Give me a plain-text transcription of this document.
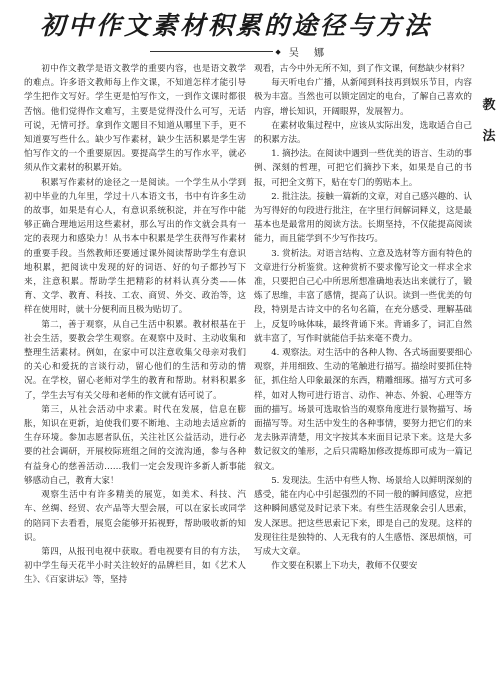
初中作文素材积累的途径与方法
◆ 吴 娜
教
法

初中作文教学是语文教学的重要内容，也是语文教学的难点。许多语文教师每上作文课，不知道怎样才能引导学生把作文写好。学生更是怕写作文，一到作文课时都很苦恼。他们觉得作文难写，主要是觉得没什么可写，无话可说，无情可抒。拿到作文题目不知道从哪里下手，更不知道要写些什么。缺少写作素材，缺少生活积累是学生害怕写作文的一个重要原因。要提高学生的写作水平，就必须从作文素材的积累开始。

积累写作素材的途径之一是阅读。一个学生从小学到初中毕业的九年里，学过十八本语文书，书中有许多生动的故事，如果是有心人，有意识系统积淀，并在写作中能够正确合理地运用这些素材，那么写出的作文就会具有一定的表现力和感染力！从书本中积累是学生获得写作素材的重要手段。当然教师还要通过课外阅读帮助学生有意识地积累，把阅读中发现的好的词语、好的句子都抄写下来，注意积累。帮助学生把精彩的材料认真分类——体育、文学、教育、科技、工农、商贸、外交、政治等，这样在使用时，就十分便利而且极为贴切了。

第二，善于观察，从自己生活中积累。教材根基在于社会生活，要教会学生观察。在观察中及时、主动收集和整理生活素材。例如，在家中可以注意收集父母亲对我们的关心和爱抚的言谈行动，留心他们的生活和劳动的情况。在学校，留心老师对学生的教育和帮助。材料积累多了，学生去写有关父母和老师的作文就有话可说了。

第三，从社会活动中求素。时代在发展，信息在膨胀，知识在更新，迫使我们要不断地、主动地去适应新的生存环境。参加志愿者队伍，关注社区公益活动，进行必要的社会调研，开展校际班组之间的交流沟通，参与各种有益身心的慈善活动……我们一定会发现许多新人新事能够感动自己，教育大家！

观察生活中有许多精美的展览，如美术、科技、汽车、丝绸、经贸、农产品等大型会展，可以在家长或同学的陪同下去看看，展览会能够开拓视野，帮助吸收新的知识。

第四，从报刊电视中获取。看电视要有目的有方法，初中学生每天花半小时关注较好的品牌栏目，如《艺术人生》、《百家讲坛》等，坚持

观看，古今中外无所不知，到了作文课，何愁缺少材料？

每天听电台广播，从新闻到科技再到娱乐节目，内容极为丰富。当然也可以锁定固定的电台，了解自己喜欢的内容，增长知识，开阔眼界，发展智力。

在素材收集过程中，应该从实际出发，选取适合自己的积累方法。

1. 摘抄法。在阅读中遇到一些优美的语言、生动的事例、深刻的哲理，可把它们摘抄下来，如果是自己的书报，可把全文剪下，贴在专门的剪贴本上。

2. 批注法。接触一篇新的文章，对自己感兴趣的、认为写得好的句段进行批注，在字里行间解词释义，这是最基本也是最常用的阅读方法。长期坚持，不仅能提高阅读能力，而且能学到不少写作技巧。

3. 赏析法。对语言结构、立意及选材等方面有特色的文章进行分析鉴赏。这种赏析不要求像写论文一样求全求准，只要把自己心中所思所想准确地表达出来就行了，锻炼了思维，丰富了感情，提高了认识。读到一些优美的句段，特别是古诗文中的名句名篇，在充分感受、理解基础上，反复吟咏体味，最终背诵下来。背诵多了，词汇自然就丰富了，写作时就能信手拈来毫不费力。

4. 观察法。对生活中的各种人物、各式场面要要细心观察，并用细致、生动的笔触进行描写。描绘时要抓住特征，抓住给人印象最深的东西，精雕细琢。描写方式可多样，如对人物可进行语言、动作、神态、外貌、心理等方面的描写。场景可选取恰当的观察角度进行景物描写、场面描写等。对生活中发生的各种事情，要努力把它们的来龙去脉弄清楚，用文字按其本来面目记录下来。这是大多数记叙文的雏形，之后只需略加修改提炼即可成为一篇记叙文。

5. 发现法。生活中有些人物、场景给人以鲜明深刻的感受，能在内心中引起强烈的不同一般的瞬间感觉，应把这种瞬间感觉及时记录下来。有些生活现象会引人思索，发人深思。把这些思索记下来，即是自己的发现。这样的发现往往是独特的、人无我有的人生感悟、深思烦恼，可写成大文章。

作文要在积累上下功夫，教师不仅要安
